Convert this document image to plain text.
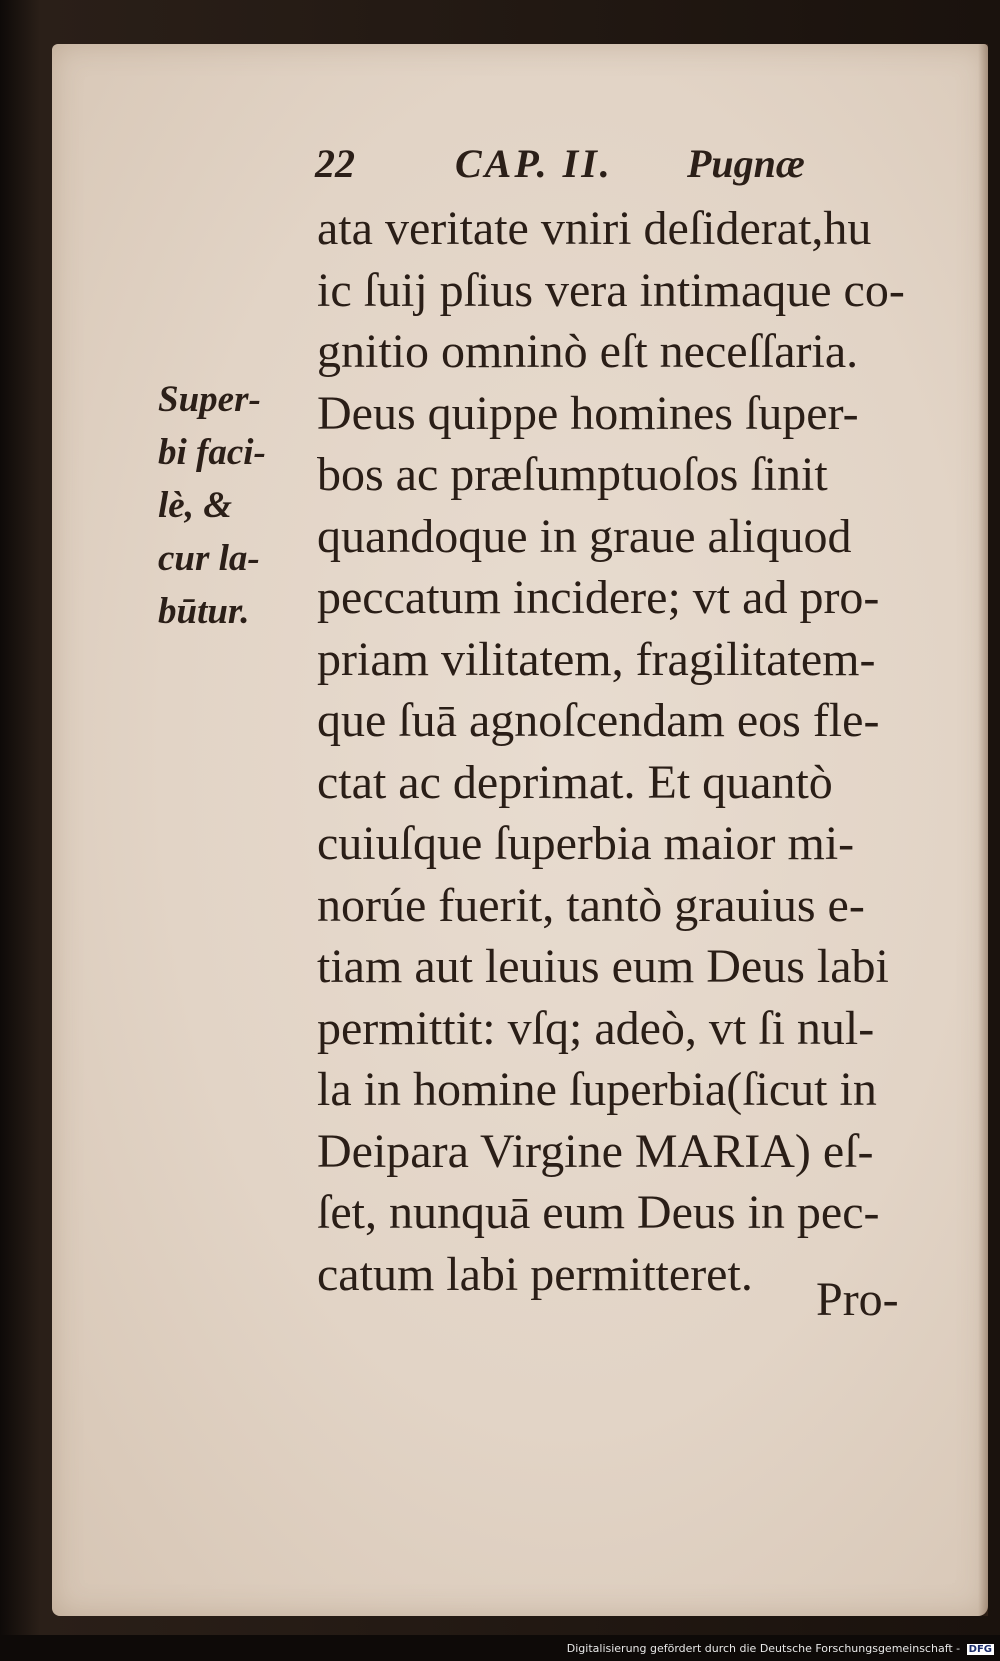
22	CAP. II. Pugnæ
Super-
bi faci-
lè, &
cur la-
būtur.
ata veritate vniri deſiderat,hu
ic ſuij pſius vera intimaque co-
gnitio omninò eſt neceſſaria.
Deus quippe homines ſuper-
bos ac præſumptuoſos ſinit
quandoque in graue aliquod
peccatum incidere; vt ad pro-
priam vilitatem, fragilitatem-
que ſuā agnoſcendam eos fle-
ctat ac deprimat. Et quantò
cuiuſque ſuperbia maior mi-
norúe fuerit, tantò grauius e-
tiam aut leuius eum Deus labi
permittit: vſq; adeò, vt ſi nul-
la in homine ſuperbia(ſicut in
Deipara Virgine MARIA) eſ-
ſet, nunquā eum Deus in pec-
catum labi permitteret.	Pro-
Digitalisierung gefördert durch die Deutsche Forschungsgemeinschaft - DFG
